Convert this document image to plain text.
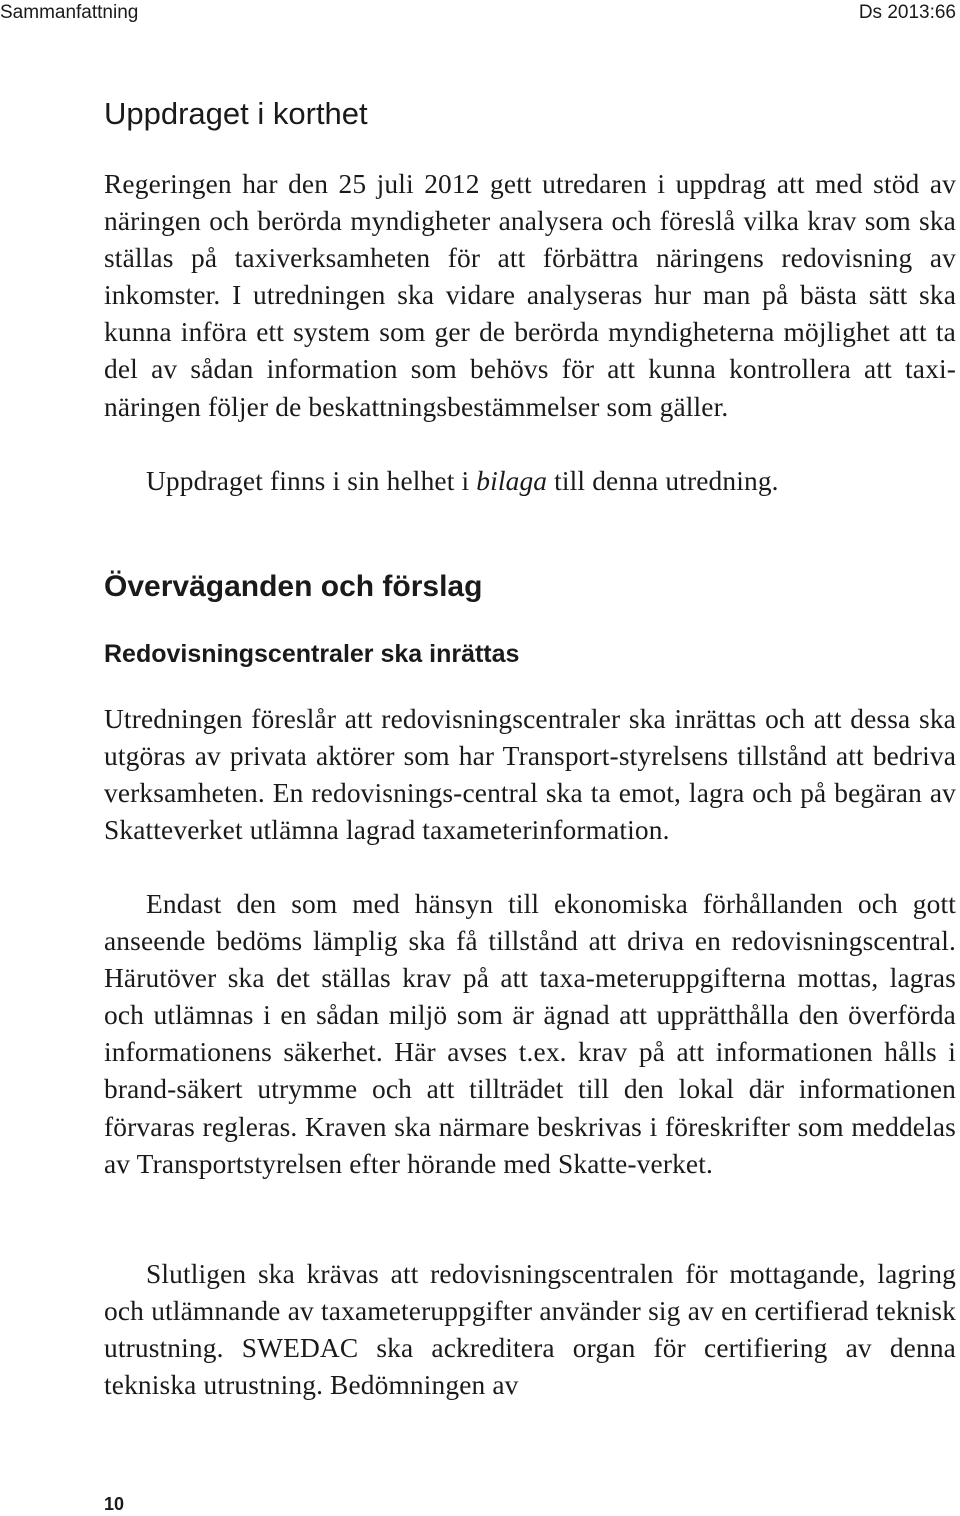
Sammanfattning	Ds 2013:66
Uppdraget i korthet

Regeringen har den 25 juli 2012 gett utredaren i uppdrag att med stöd av näringen och berörda myndigheter analysera och föreslå vilka krav som ska ställas på taxiverksamheten för att förbättra näringens redovisning av inkomster. I utredningen ska vidare analyseras hur man på bästa sätt ska kunna införa ett system som ger de berörda myndigheterna möjlighet att ta del av sådan information som behövs för att kunna kontrollera att taxi-näringen följer de beskattningsbestämmelser som gäller.

Uppdraget finns i sin helhet i bilaga till denna utredning.

Överväganden och förslag
Redovisningscentraler ska inrättas

Utredningen föreslår att redovisningscentraler ska inrättas och att dessa ska utgöras av privata aktörer som har Transport-styrelsens tillstånd att bedriva verksamheten. En redovisnings-central ska ta emot, lagra och på begäran av Skatteverket utlämna lagrad taxameterinformation.

Endast den som med hänsyn till ekonomiska förhållanden och gott anseende bedöms lämplig ska få tillstånd att driva en redovisningscentral. Härutöver ska det ställas krav på att taxa-meteruppgifterna mottas, lagras och utlämnas i en sådan miljö som är ägnad att upprätthålla den överförda informationens säkerhet. Här avses t.ex. krav på att informationen hålls i brand-säkert utrymme och att tillträdet till den lokal där informationen förvaras regleras. Kraven ska närmare beskrivas i föreskrifter som meddelas av Transportstyrelsen efter hörande med Skatte-verket.

Slutligen ska krävas att redovisningscentralen för mottagande, lagring och utlämnande av taxameteruppgifter använder sig av en certifierad teknisk utrustning. SWEDAC ska ackreditera organ för certifiering av denna tekniska utrustning. Bedömningen av

10
